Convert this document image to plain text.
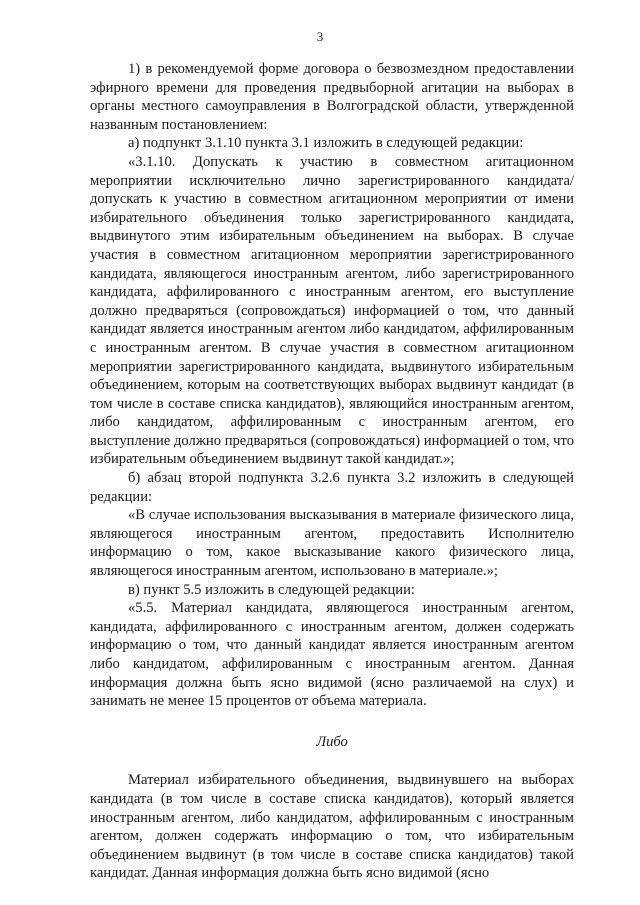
3

1) в рекомендуемой форме договора о безвозмездном предоставлении эфирного времени для проведения предвыборной агитации на выборах в органы местного самоуправления в Волгоградской области, утвержденной названным постановлением:

а) подпункт 3.1.10 пункта 3.1 изложить в следующей редакции:

«3.1.10. Допускать к участию в совместном агитационном мероприятии исключительно лично зарегистрированного кандидата/допускать к участию в совместном агитационном мероприятии от имени избирательного объединения только зарегистрированного кандидата, выдвинутого этим избирательным объединением на выборах. В случае участия в совместном агитационном мероприятии зарегистрированного кандидата, являющегося иностранным агентом, либо зарегистрированного кандидата, аффилированного с иностранным агентом, его выступление должно предваряться (сопровождаться) информацией о том, что данный кандидат является иностранным агентом либо кандидатом, аффилированным с иностранным агентом. В случае участия в совместном агитационном мероприятии зарегистрированного кандидата, выдвинутого избирательным объединением, которым на соответствующих выборах выдвинут кандидат (в том числе в составе списка кандидатов), являющийся иностранным агентом, либо кандидатом, аффилированным с иностранным агентом, его выступление должно предваряться (сопровождаться) информацией о том, что избирательным объединением выдвинут такой кандидат.»;

б) абзац второй подпункта 3.2.6 пункта 3.2 изложить в следующей редакции:

«В случае использования высказывания в материале физического лица, являющегося иностранным агентом, предоставить Исполнителю информацию о том, какое высказывание какого физического лица, являющегося иностранным агентом, использовано в материале.»;

в) пункт 5.5 изложить в следующей редакции:

«5.5. Материал кандидата, являющегося иностранным агентом, кандидата, аффилированного с иностранным агентом, должен содержать информацию о том, что данный кандидат является иностранным агентом либо кандидатом, аффилированным с иностранным агентом. Данная информация должна быть ясно видимой (ясно различаемой на слух) и занимать не менее 15 процентов от объема материала.

Либо

Материал избирательного объединения, выдвинувшего на выборах кандидата (в том числе в составе списка кандидатов), который является иностранным агентом, либо кандидатом, аффилированным с иностранным агентом, должен содержать информацию о том, что избирательным объединением выдвинут (в том числе в составе списка кандидатов) такой кандидат. Данная информация должна быть ясно видимой (ясно
